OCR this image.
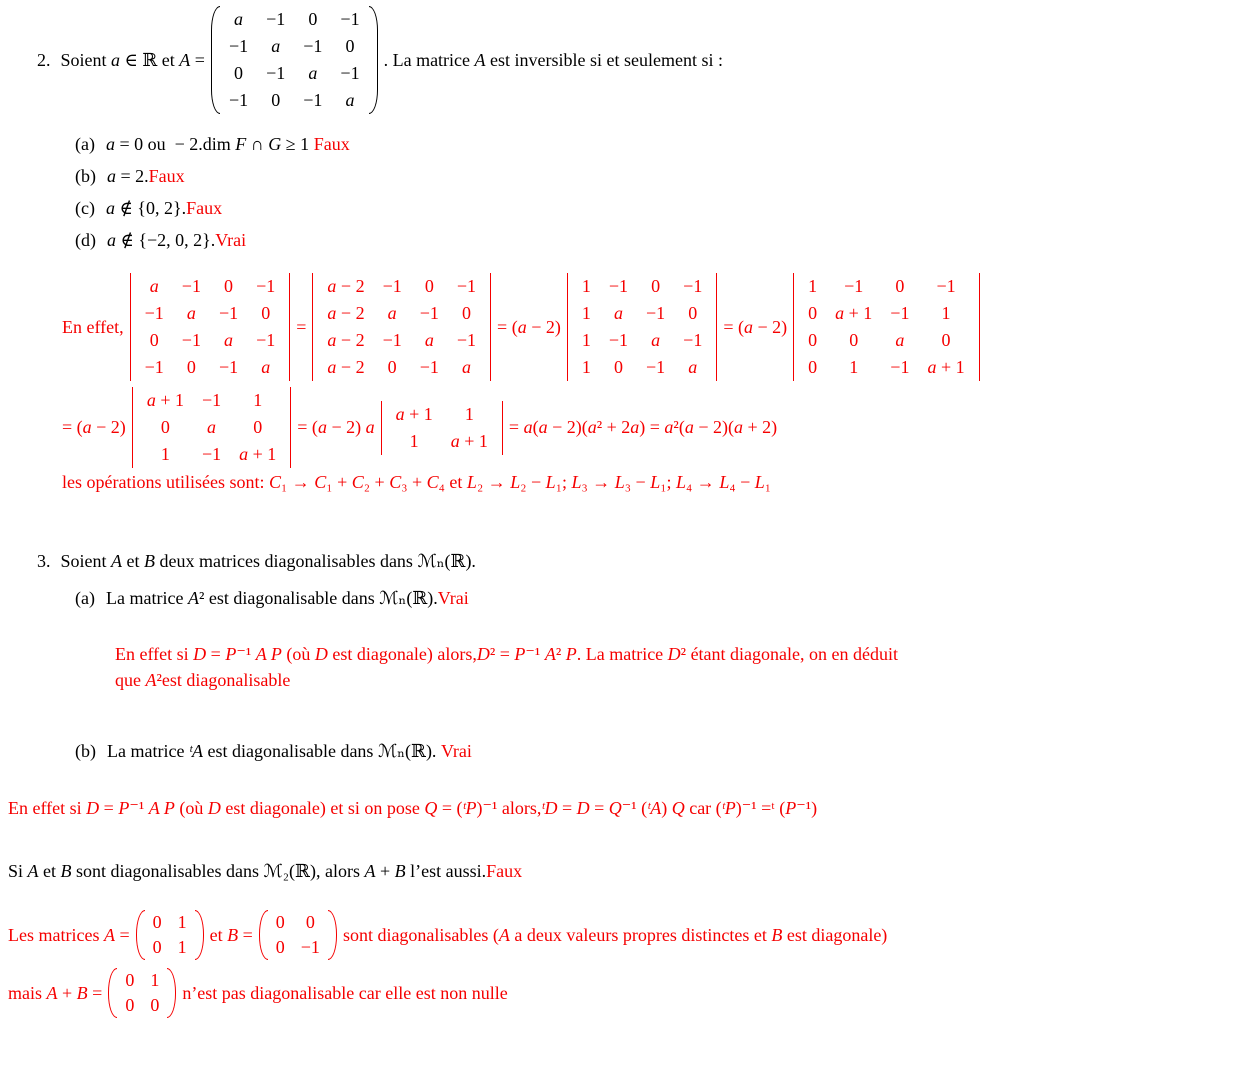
2. Soient a ∈ ℝ et A =
a	−1	0	−1
−1	a	−1	0
0	−1	a	−1
−1	0	−1	a
. La matrice A est inversible si et seulement si :
(a) a = 0 ou  − 2.dim F ∩ G ≥ 1 Faux
(b) a = 2. Faux
(c) a ∉ {0, 2}. Faux
(d) a ∉ {−2, 0, 2}. Vrai
En effet,
a	−1	0	−1
−1	a	−1	0
0	−1	a	−1
−1	0	−1	a
=
a − 2	−1	0	−1
a − 2	a	−1	0
a − 2	−1	a	−1
a − 2	0	−1	a
= (a − 2)
1	−1	0	−1
1	a	−1	0
1	−1	a	−1
1	0	−1	a
= (a − 2)
1	−1	0	−1
0	a + 1	−1	1
0	0	a	0
0	1	−1	a + 1
= (a − 2)
a + 1	−1	1
0	a	0
1	−1	a + 1
= (a − 2) a
a + 1	1
1	a + 1
= a(a − 2)(a² + 2a) = a²(a − 2)(a + 2)
les opérations utilisées sont: C₁ → C₁ + C₂ + C₃ + C₄ et L₂ → L₂ − L₁; L₃ → L₃ − L₁; L₄ → L₄ − L₁
3. Soient A et B deux matrices diagonalisables dans ℳₙ(ℝ).
(a) La matrice A² est diagonalisable dans ℳₙ(ℝ). Vrai
En effet si D = P⁻¹ A P (où D est diagonale) alors,D² = P⁻¹ A² P. La matrice D² étant diagonale, on en déduit
que A²est diagonalisable
(b) La matrice ᵗA est diagonalisable dans ℳₙ(ℝ). Vrai
En effet si D = P⁻¹ A P (où D est diagonale) et si on pose Q = (ᵗP)⁻¹ alors,ᵗD = D = Q⁻¹ (ᵗA) Q car (ᵗP)⁻¹ =ᵗ (P⁻¹)
Si A et B sont diagonalisables dans ℳ₂(ℝ), alors A + B l’est aussi. Faux
Les matrices A =
0 1
0 1
et B =
0	0
0 −1
sont diagonalisables (A a deux valeurs propres distinctes et B est diagonale)
mais A + B =
0 1
0 0
n’est pas diagonalisable car elle est non nulle
